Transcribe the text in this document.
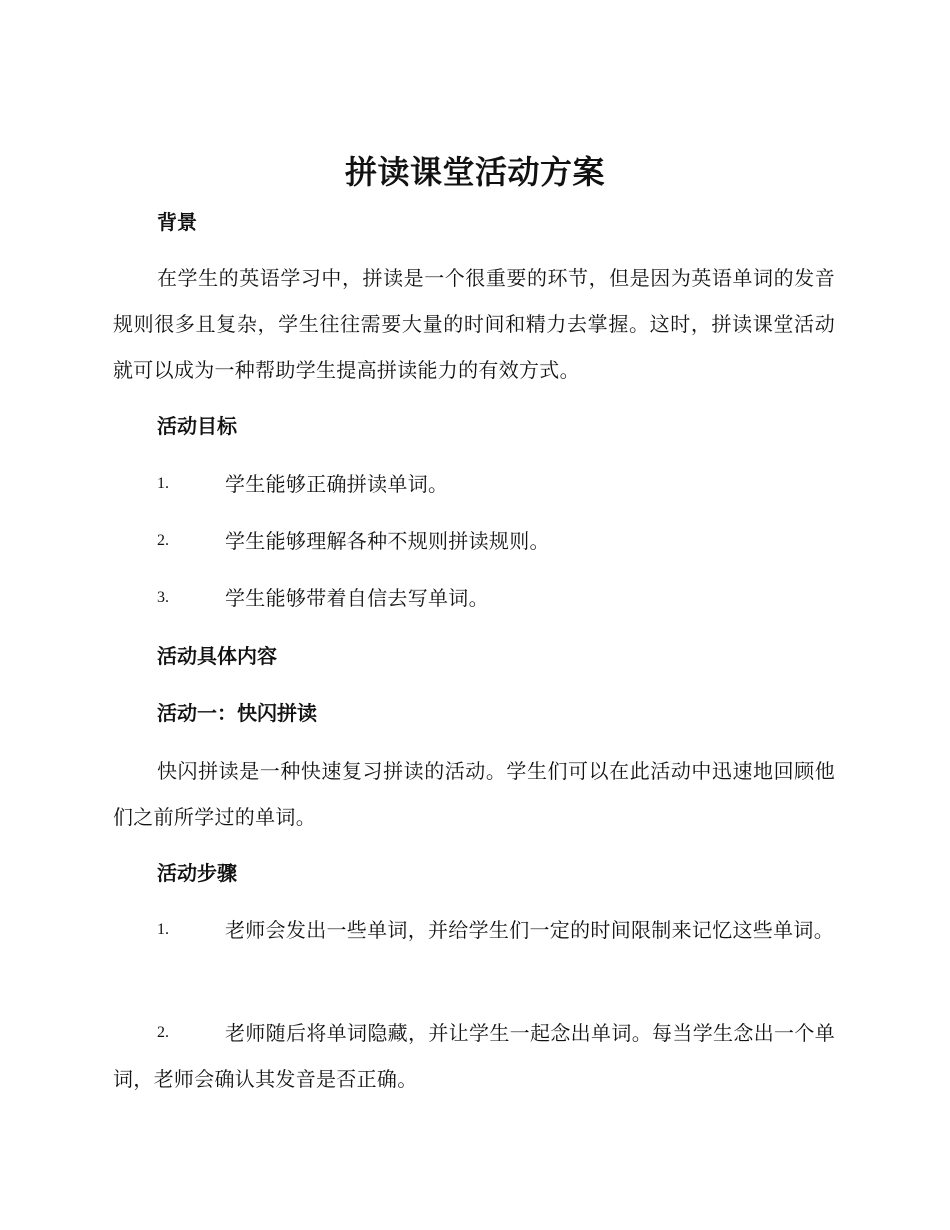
拼读课堂活动方案
背景
在学生的英语学习中，拼读是一个很重要的环节，但是因为英语单词的发音规则很多且复杂，学生往往需要大量的时间和精力去掌握。这时，拼读课堂活动就可以成为一种帮助学生提高拼读能力的有效方式。
活动目标
1.	学生能够正确拼读单词。
2.	学生能够理解各种不规则拼读规则。
3.	学生能够带着自信去写单词。
活动具体内容
活动一：快闪拼读
快闪拼读是一种快速复习拼读的活动。学生们可以在此活动中迅速地回顾他们之前所学过的单词。
活动步骤
1.	老师会发出一些单词，并给学生们一定的时间限制来记忆这些单词。
2.	老师随后将单词隐藏，并让学生一起念出单词。每当学生念出一个单词，老师会确认其发音是否正确。
